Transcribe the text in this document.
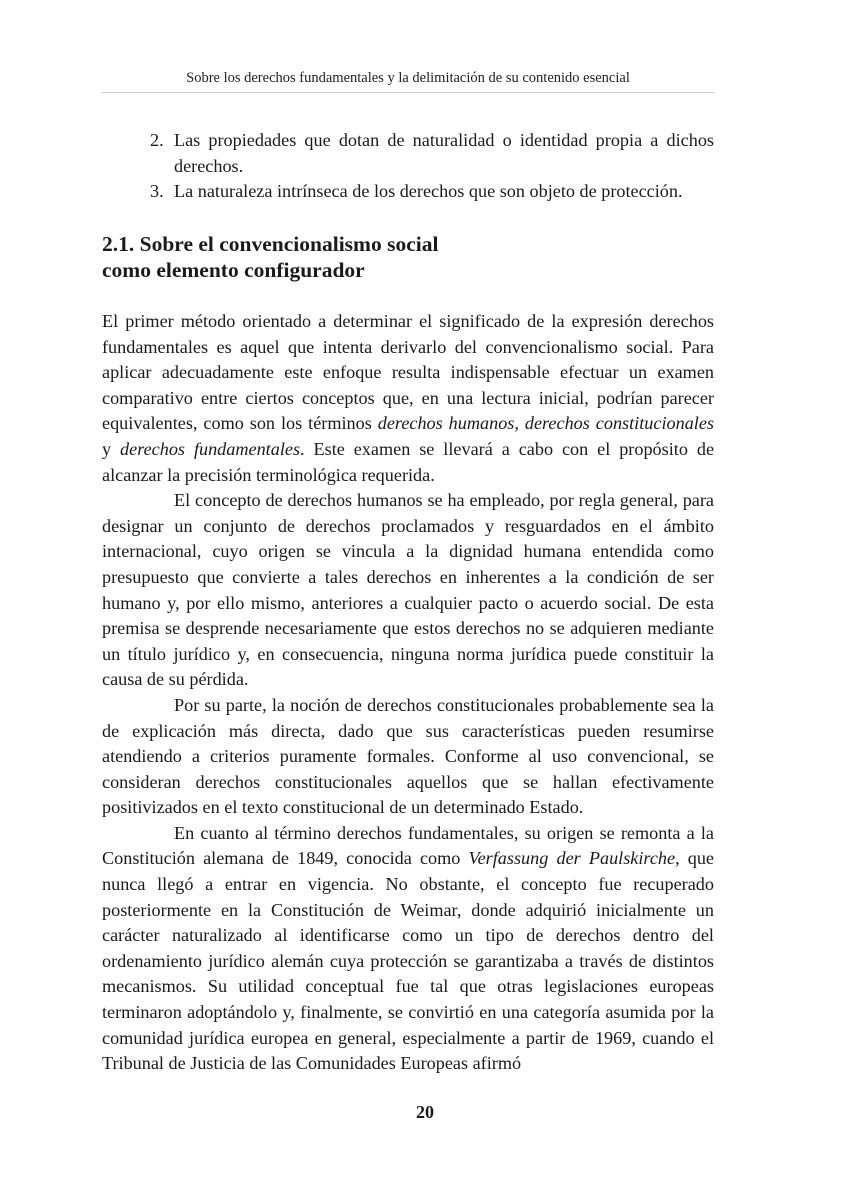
Sobre los derechos fundamentales y la delimitación de su contenido esencial
2. Las propiedades que dotan de naturalidad o identidad propia a dichos derechos.
3. La naturaleza intrínseca de los derechos que son objeto de protección.
2.1. Sobre el convencionalismo social
como elemento configurador

El primer método orientado a determinar el significado de la expresión derechos fundamentales es aquel que intenta derivarlo del convencionalismo social. Para aplicar adecuadamente este enfoque resulta indispensable efectuar un examen comparativo entre ciertos conceptos que, en una lectura inicial, podrían parecer equivalentes, como son los términos derechos humanos, derechos constitucionales y derechos fundamentales. Este examen se llevará a cabo con el propósito de alcanzar la precisión terminológica requerida.

El concepto de derechos humanos se ha empleado, por regla general, para designar un conjunto de derechos proclamados y resguardados en el ámbito internacional, cuyo origen se vincula a la dignidad humana entendida como presupuesto que convierte a tales derechos en inherentes a la condición de ser humano y, por ello mismo, anteriores a cualquier pacto o acuerdo social. De esta premisa se desprende necesariamente que estos derechos no se adquieren mediante un título jurídico y, en consecuencia, ninguna norma jurídica puede constituir la causa de su pérdida.

Por su parte, la noción de derechos constitucionales probablemente sea la de explicación más directa, dado que sus características pueden resumirse atendiendo a criterios puramente formales. Conforme al uso convencional, se consideran derechos constitucionales aquellos que se hallan efectivamente positivizados en el texto constitucional de un determinado Estado.

En cuanto al término derechos fundamentales, su origen se remonta a la Constitución alemana de 1849, conocida como Verfassung der Paulskirche, que nunca llegó a entrar en vigencia. No obstante, el concepto fue recuperado posteriormente en la Constitución de Weimar, donde adquirió inicialmente un carácter naturalizado al identificarse como un tipo de derechos dentro del ordenamiento jurídico alemán cuya protección se garantizaba a través de distintos mecanismos. Su utilidad conceptual fue tal que otras legislaciones europeas terminaron adoptándolo y, finalmente, se convirtió en una categoría asumida por la comunidad jurídica europea en general, especialmente a partir de 1969, cuando el Tribunal de Justicia de las Comunidades Europeas afirmó

20
